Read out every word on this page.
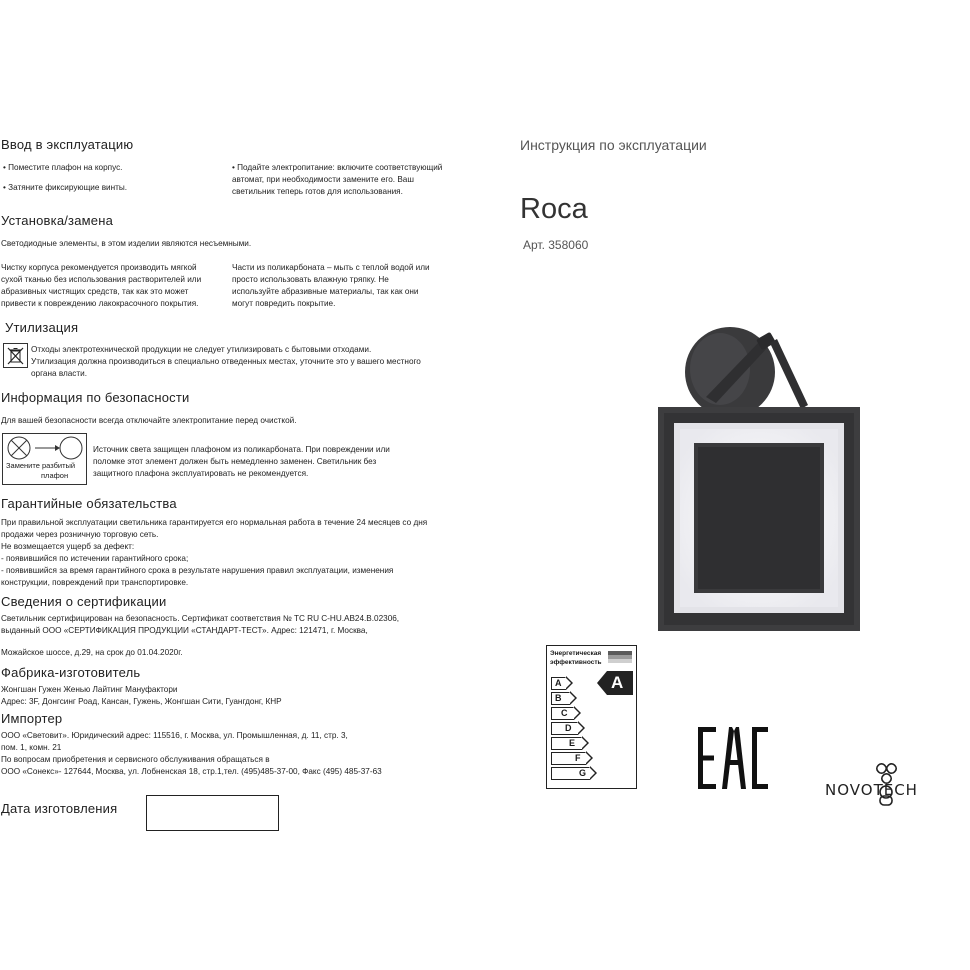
Ввод в эксплуатацию
• Поместите плафон на корпус.
• Затяните фиксирующие винты.
• Подайте электропитание: включите соответствующий
автомат, при необходимости замените его. Ваш
светильник теперь готов для использования.
Установка/замена
Светодиодные элементы, в этом изделии являются несъемными.
Чистку корпуса рекомендуется производить мягкой
сухой тканью без использования растворителей или
абразивных чистящих средств, так как это может
привести к повреждению лакокрасочного покрытия.
Части из поликарбоната – мыть с теплой водой или
просто использовать влажную тряпку. Не
используйте абразивные материалы, так как они
могут повредить покрытие.
Утилизация
Отходы электротехнической продукции не следует утилизировать с бытовыми отходами.
Утилизация должна производиться в специально отведенных местах, уточните это у вашего местного
органа власти.
Информация по безопасности
Для вашей безопасности всегда отключайте электропитание перед очисткой.
Замените разбитый
плафон
Источник света защищен плафоном из поликарбоната. При повреждении или
поломке этот элемент должен быть немедленно заменен. Светильник без
защитного плафона эксплуатировать не рекомендуется.
Гарантийные обязательства
При правильной эксплуатации светильника гарантируется его нормальная работа в течение 24 месяцев со дня
продажи через розничную торговую сеть.
Не возмещается ущерб за дефект:
- появившийся по истечении гарантийного срока;
- появившийся за время гарантийного срока в результате нарушения правил эксплуатации, изменения
конструкции, повреждений при транспортировке.
Сведения о сертификации
Светильник сертифицирован на безопасность. Сертификат соответствия № ТС RU C-HU.АВ24.В.02306,
выданный ООО «СЕРТИФИКАЦИЯ ПРОДУКЦИИ «СТАНДАРТ-ТЕСТ». Адрес: 121471, г. Москва,
Можайское шоссе, д.29, на срок до 01.04.2020г.
Фабрика-изготовитель
Жонгшан Гужен Женью Лайтинг Мануфактори
Адрес: 3F, Донгсинг Роад, Кансан, Гужень, Жонгшан Сити, Гуангдонг, КНР
Импортер
ООО «Световит». Юридический адрес: 115516, г. Москва, ул. Промышленная, д. 11, стр. 3,
пом. 1, комн. 21
По вопросам приобретения и сервисного обслуживания обращаться в
ООО «Сонекс»- 127644, Москва, ул. Лобненская 18, стр.1,тел. (495)485-37-00, Факс (495) 485-37-63
Дата изготовления
Инструкция по эксплуатации
Roca
Арт. 358060
Энергетическая
эффективность
A
B
C
D
E
F
G
A
NOVOTECH
